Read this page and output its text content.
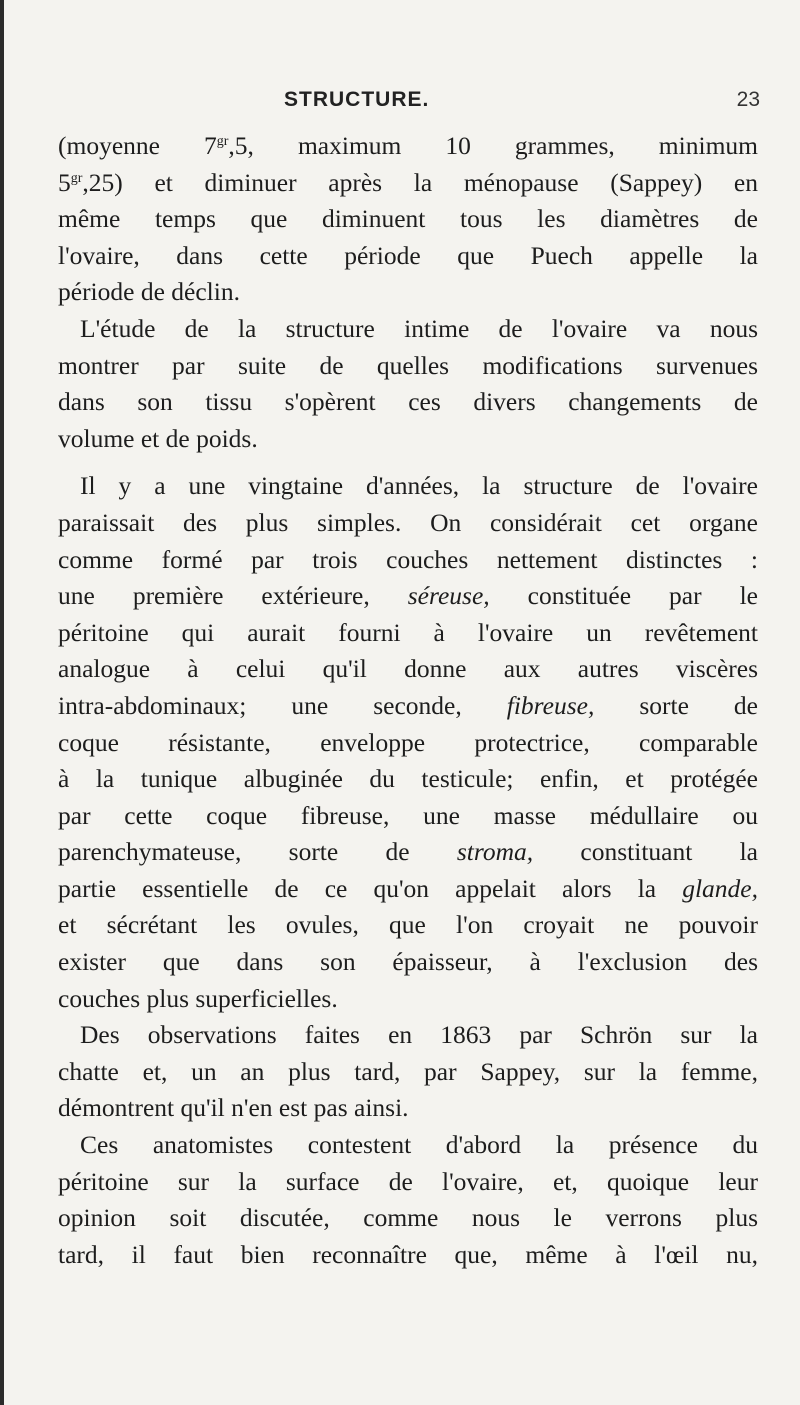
STRUCTURE.	23
(moyenne $7^{gr},5$, maximum 10 grammes, minimum
$5^{gr},25$) et diminuer après la ménopause (Sappey) en
même temps que diminuent tous les diamètres de
l'ovaire, dans cette période que Puech appelle la
période de déclin.
L'étude de la structure intime de l'ovaire va nous
montrer par suite de quelles modifications survenues
dans son tissu s'opèrent ces divers changements de
volume et de poids.
Il y a une vingtaine d'années, la structure de l'ovaire
paraissait des plus simples. On considérait cet organe
comme formé par trois couches nettement distinctes :
une première extérieure, séreuse, constituée par le
péritoine qui aurait fourni à l'ovaire un revêtement
analogue à celui qu'il donne aux autres viscères
intra-abdominaux; une seconde, fibreuse, sorte de
coque résistante, enveloppe protectrice, comparable
à la tunique albuginée du testicule; enfin, et protégée
par cette coque fibreuse, une masse médullaire ou
parenchymateuse, sorte de stroma, constituant la
partie essentielle de ce qu'on appelait alors la glande,
et sécrétant les ovules, que l'on croyait ne pouvoir
exister que dans son épaisseur, à l'exclusion des
couches plus superficielles.
Des observations faites en 1863 par Schrön sur la
chatte et, un an plus tard, par Sappey, sur la femme,
démontrent qu'il n'en est pas ainsi.
Ces anatomistes contestent d'abord la présence du
péritoine sur la surface de l'ovaire, et, quoique leur
opinion soit discutée, comme nous le verrons plus
tard, il faut bien reconnaître que, même à l'œil nu,
